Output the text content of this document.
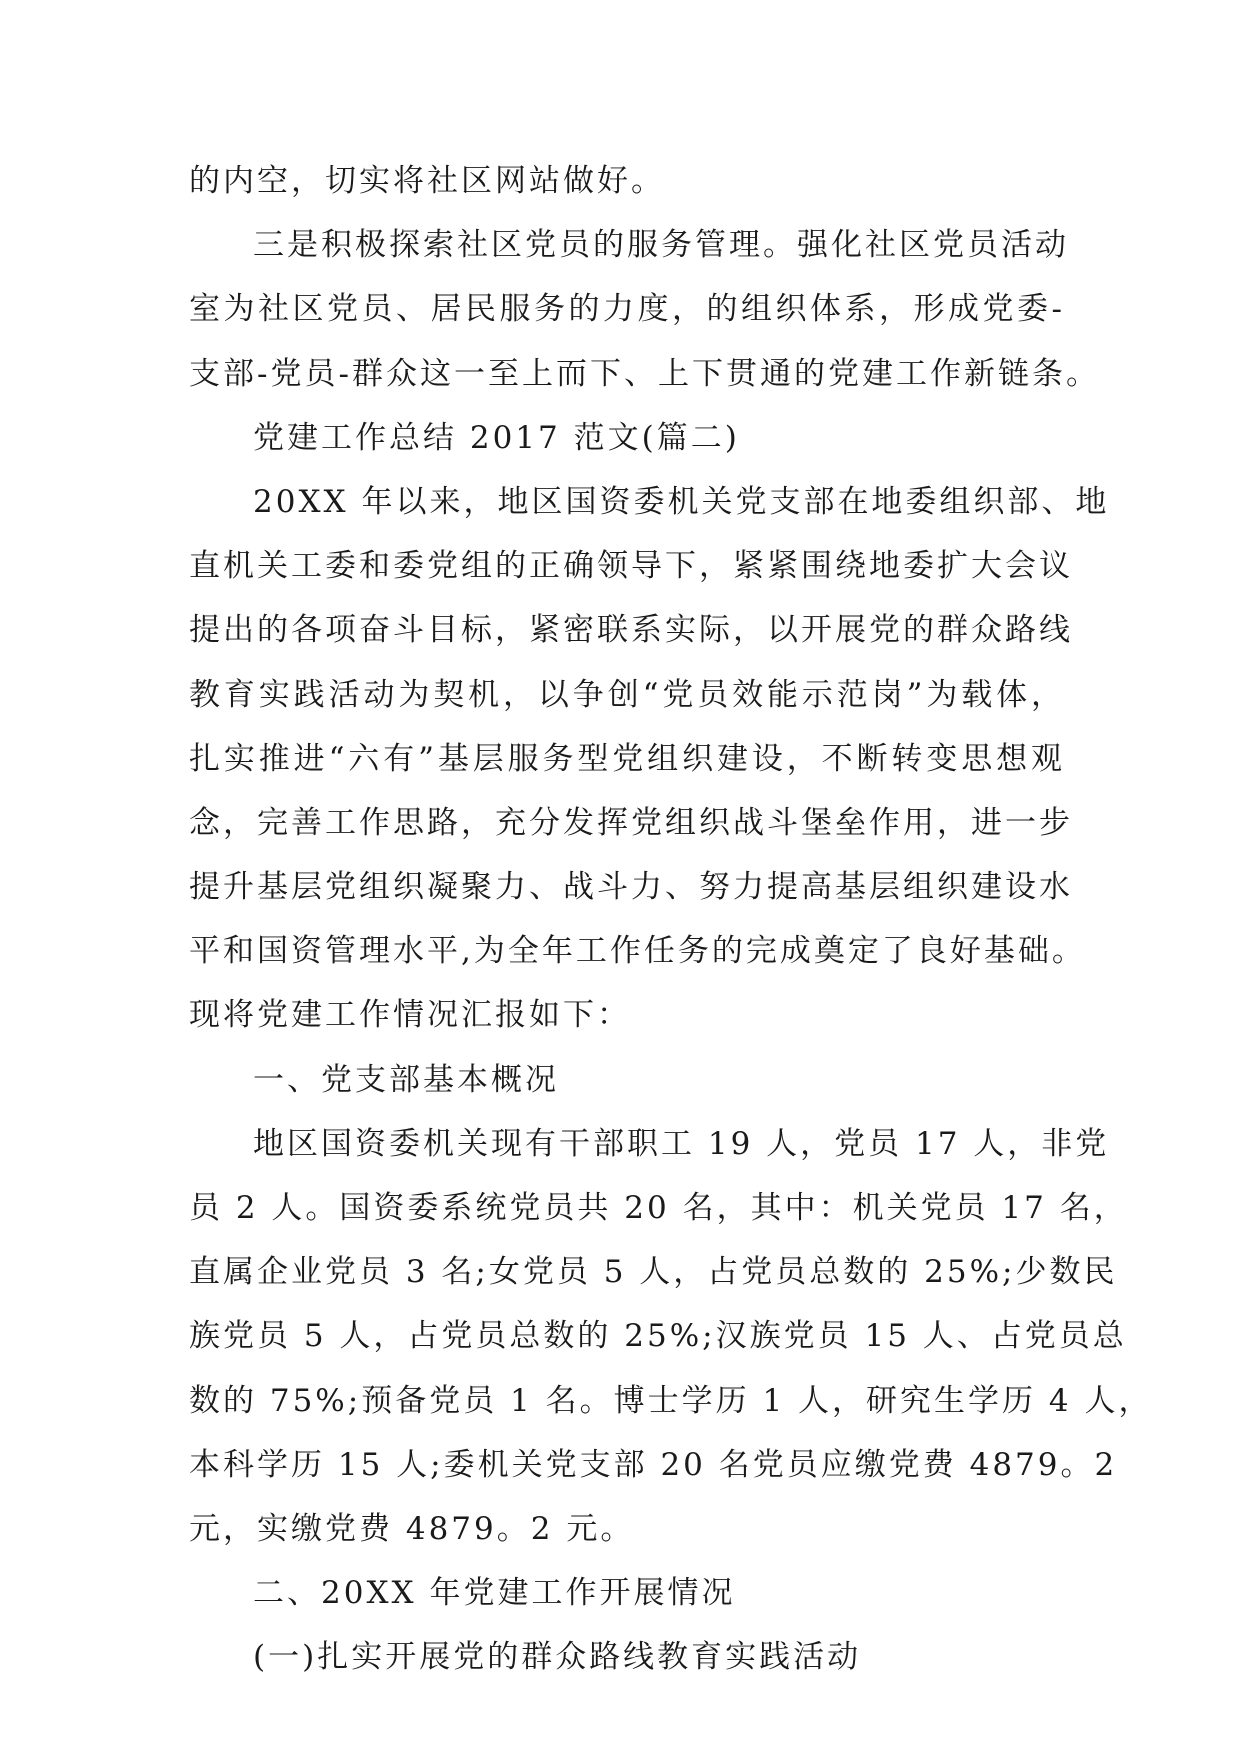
的内空，切实将社区网站做好。
三是积极探索社区党员的服务管理。强化社区党员活动
室为社区党员、居民服务的力度，的组织体系，形成党委-
支部-党员-群众这一至上而下、上下贯通的党建工作新链条。
党建工作总结 2017 范文(篇二)
20XX 年以来，地区国资委机关党支部在地委组织部、地
直机关工委和委党组的正确领导下，紧紧围绕地委扩大会议
提出的各项奋斗目标，紧密联系实际，以开展党的群众路线
教育实践活动为契机，以争创“党员效能示范岗”为载体，
扎实推进“六有”基层服务型党组织建设，不断转变思想观
念，完善工作思路，充分发挥党组织战斗堡垒作用，进一步
提升基层党组织凝聚力、战斗力、努力提高基层组织建设水
平和国资管理水平,为全年工作任务的完成奠定了良好基础。
现将党建工作情况汇报如下：
一、党支部基本概况
地区国资委机关现有干部职工 19 人，党员 17 人，非党
员 2 人。国资委系统党员共 20 名，其中：机关党员 17 名，
直属企业党员 3 名;女党员 5 人，占党员总数的 25%;少数民
族党员 5 人，占党员总数的 25%;汉族党员 15 人、占党员总
数的 75%;预备党员 1 名。博士学历 1 人，研究生学历 4 人，
本科学历 15 人;委机关党支部 20 名党员应缴党费 4879。2
元，实缴党费 4879。2 元。
二、20XX 年党建工作开展情况
(一)扎实开展党的群众路线教育实践活动
